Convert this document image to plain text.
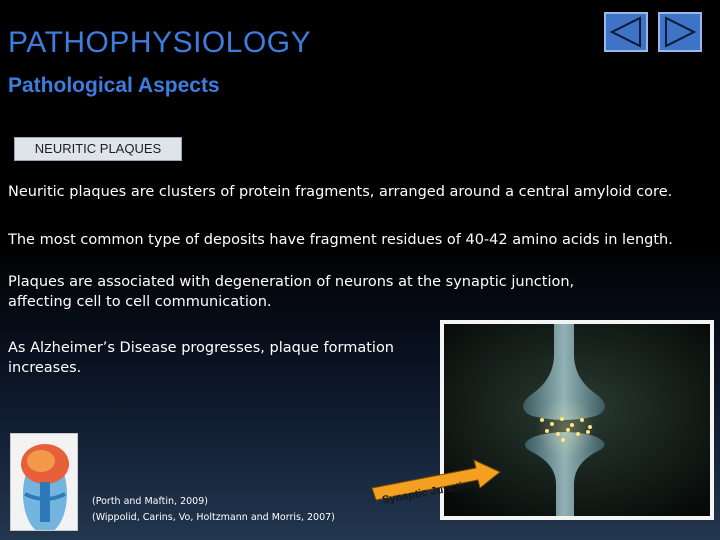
PATHOPHYSIOLOGY
Pathological Aspects
NEURITIC PLAQUES
Neuritic plaques are clusters of protein fragments, arranged around a central amyloid core.
The most common type of deposits have fragment residues of 40-42 amino acids in length.
Plaques are associated with degeneration of neurons at the synaptic junction, affecting cell to cell communication.
As Alzheimer’s Disease progresses, plaque formation increases.
(Porth and Maftin, 2009)
(Wippolid, Carins, Vo, Holtzmann and Morris, 2007)
Synaptic Junction
